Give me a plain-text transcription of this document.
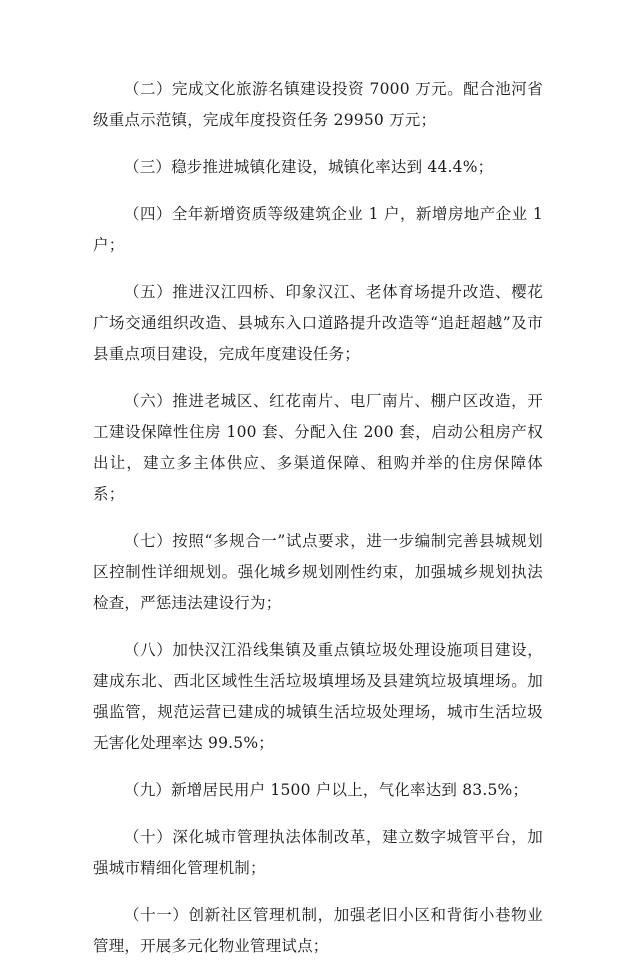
（二）完成文化旅游名镇建设投资 7000 万元。配合池河省级重点示范镇，完成年度投资任务 29950 万元；

（三）稳步推进城镇化建设，城镇化率达到 44.4%；

（四）全年新增资质等级建筑企业 1 户，新增房地产企业 1 户；

（五）推进汉江四桥、印象汉江、老体育场提升改造、樱花广场交通组织改造、县城东入口道路提升改造等“追赶超越”及市县重点项目建设，完成年度建设任务；

（六）推进老城区、红花南片、电厂南片、棚户区改造，开工建设保障性住房 100 套、分配入住 200 套，启动公租房产权出让，建立多主体供应、多渠道保障、租购并举的住房保障体系；

（七）按照“多规合一”试点要求，进一步编制完善县城规划区控制性详细规划。强化城乡规划刚性约束，加强城乡规划执法检查，严惩违法建设行为；

（八）加快汉江沿线集镇及重点镇垃圾处理设施项目建设，建成东北、西北区域性生活垃圾填埋场及县建筑垃圾填埋场。加强监管，规范运营已建成的城镇生活垃圾处理场，城市生活垃圾无害化处理率达 99.5%；

（九）新增居民用户 1500 户以上，气化率达到 83.5%；

（十）深化城市管理执法体制改革，建立数字城管平台，加强城市精细化管理机制；

（十一）创新社区管理机制，加强老旧小区和背街小巷物业管理，开展多元化物业管理试点；
